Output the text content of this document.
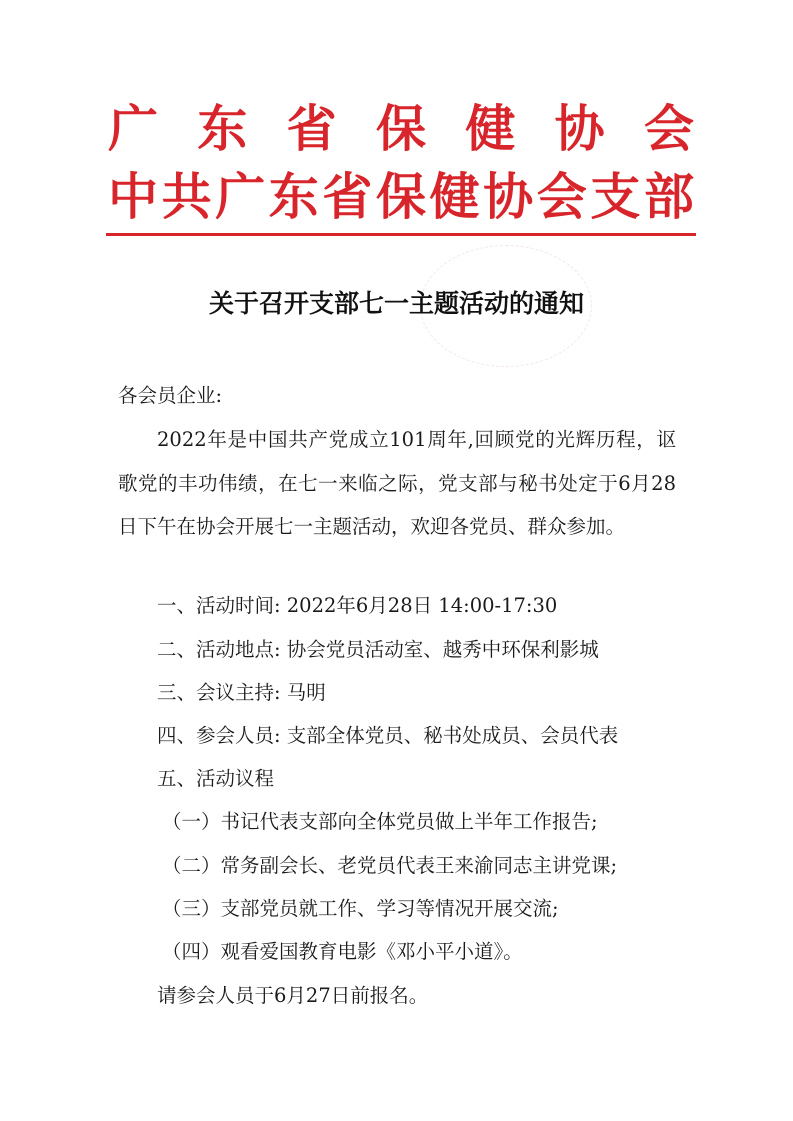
广 东 省 保 健 协 会
中共广东省保健协会支部
关于召开支部七一主题活动的通知
各会员企业:
2022年是中国共产党成立101周年,回顾党的光辉历程，讴歌党的丰功伟绩，在七一来临之际，党支部与秘书处定于6月28日下午在协会开展七一主题活动，欢迎各党员、群众参加。
一、活动时间: 2022年6月28日 14:00-17:30
二、活动地点: 协会党员活动室、越秀中环保利影城
三、会议主持: 马明
四、参会人员: 支部全体党员、秘书处成员、会员代表
五、活动议程
（一）书记代表支部向全体党员做上半年工作报告;
（二）常务副会长、老党员代表王来渝同志主讲党课;
（三）支部党员就工作、学习等情况开展交流;
（四）观看爱国教育电影《邓小平小道》。
请参会人员于6月27日前报名。
